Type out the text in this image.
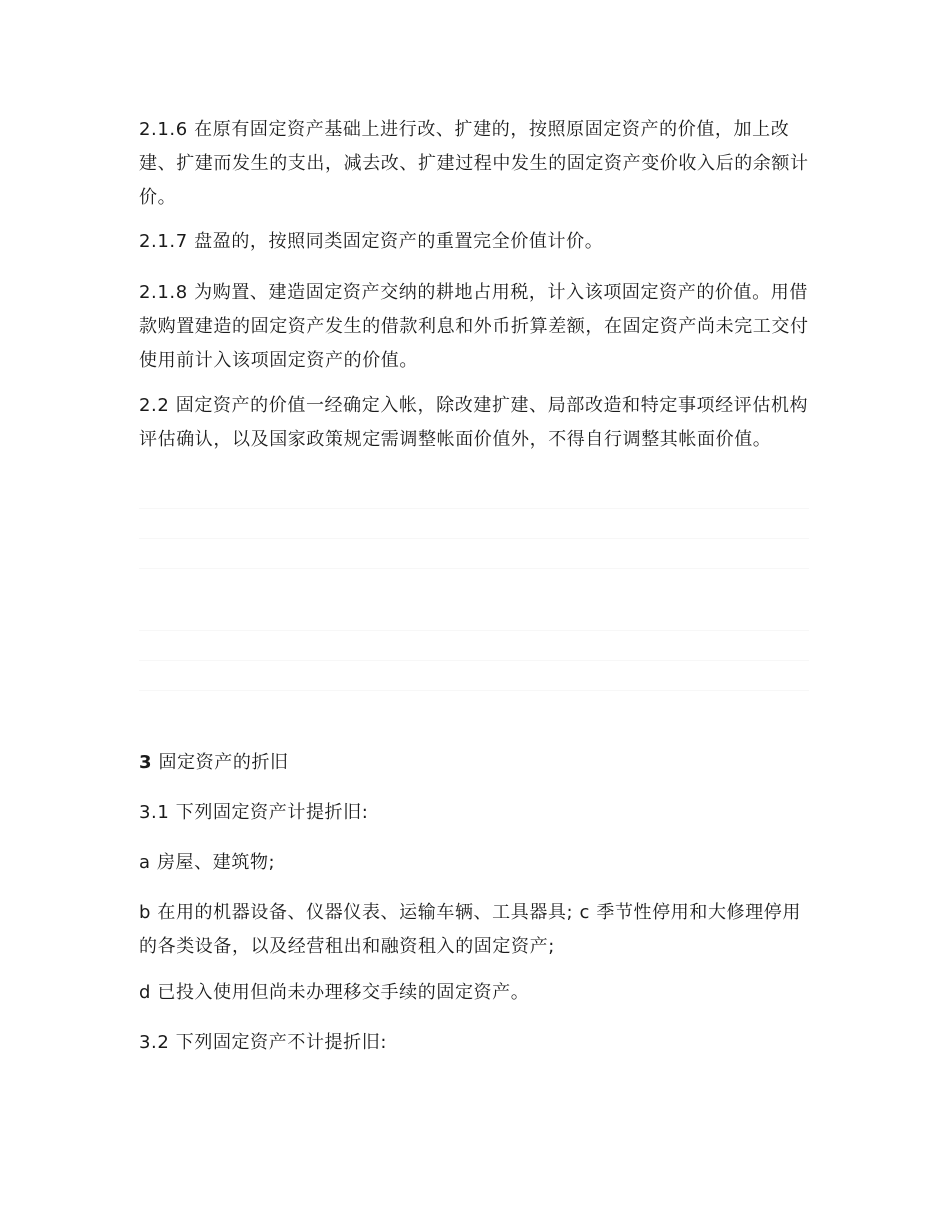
2.1.6 在原有固定资产基础上进行改、扩建的，按照原固定资产的价值，加上改建、扩建而发生的支出，减去改、扩建过程中发生的固定资产变价收入后的余额计价。

2.1.7 盘盈的，按照同类固定资产的重置完全价值计价。

2.1.8 为购置、建造固定资产交纳的耕地占用税，计入该项固定资产的价值。用借款购置建造的固定资产发生的借款利息和外币折算差额，在固定资产尚未完工交付使用前计入该项固定资产的价值。

2.2 固定资产的价值一经确定入帐，除改建扩建、局部改造和特定事项经评估机构评估确认，以及国家政策规定需调整帐面价值外，不得自行调整其帐面价值。

3 固定资产的折旧

3.1 下列固定资产计提折旧:

a 房屋、建筑物;

b 在用的机器设备、仪器仪表、运输车辆、工具器具; c 季节性停用和大修理停用的各类设备，以及经营租出和融资租入的固定资产;

d 已投入使用但尚未办理移交手续的固定资产。

3.2 下列固定资产不计提折旧:
